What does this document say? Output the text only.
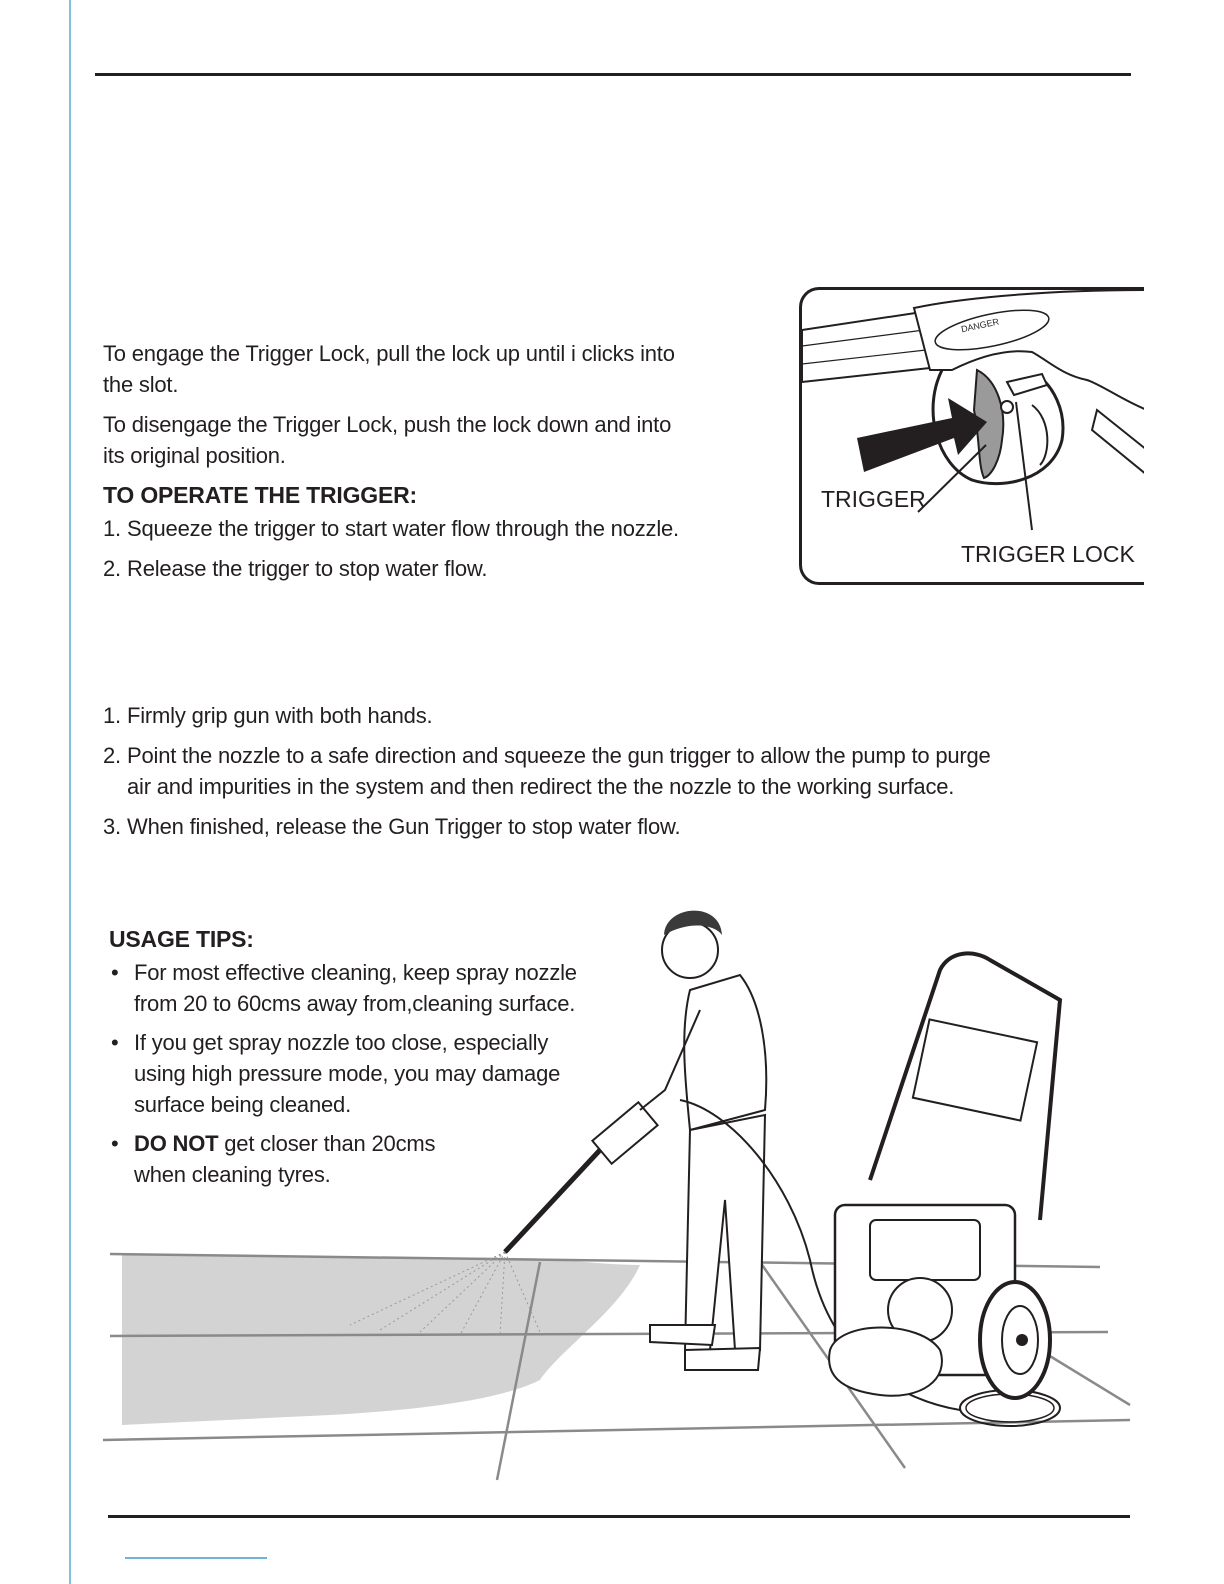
To engage the Trigger Lock, pull the lock up until i clicks into the slot.

To disengage the Trigger Lock, push the lock down and into its original position.

TO OPERATE THE TRIGGER:

1. Squeeze the trigger to start water flow through the nozzle.
2. Release the trigger to stop water flow.
DANGER
TRIGGER
TRIGGER LOCK
1. Firmly grip gun with both hands.
2. Point the nozzle to a safe direction and squeeze the gun trigger to allow the pump to purge air and impurities in the system and then redirect the the nozzle to the working surface.
3. When finished, release the Gun Trigger to stop water flow.

USAGE TIPS:

• For most effective cleaning, keep spray nozzle from 20 to 60cms away from,cleaning surface.
• If you get spray nozzle too close, especially using high pressure mode, you may damage surface being cleaned.
• DO NOT get closer than 20cms when cleaning tyres.
